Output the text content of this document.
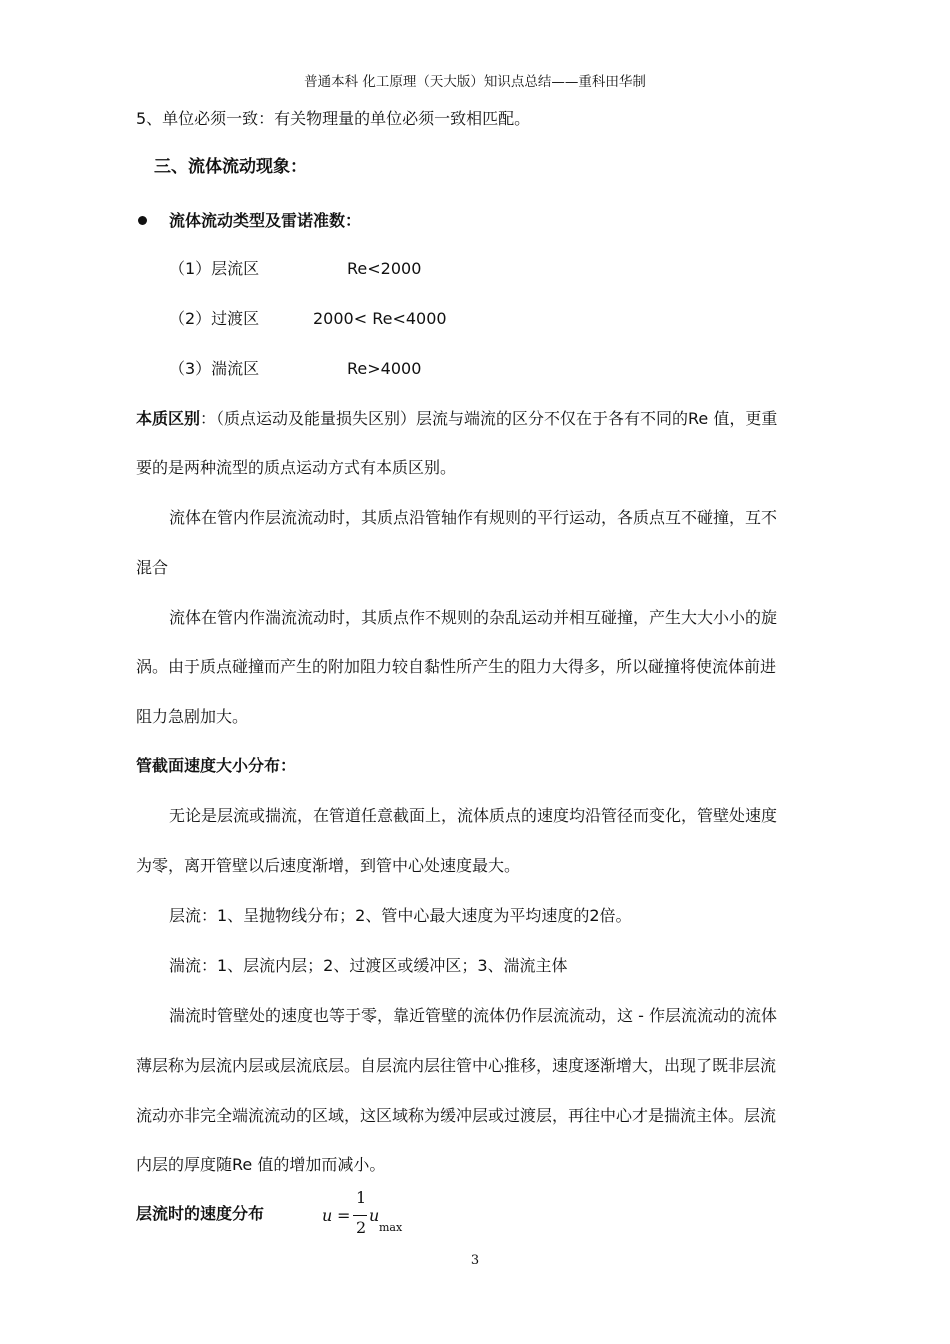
普通本科 化工原理（天大版）知识点总结——重科田华制
5、单位必须一致：有关物理量的单位必须一致相匹配。
三、流体流动现象：
流体流动类型及雷诺准数：
（1）层流区	Re<2000
（2）过渡区	2000< Re<4000
（3）湍流区	Re>4000
本质区别：（质点运动及能量损失区别）层流与端流的区分不仅在于各有不同的Re 值，更重
要的是两种流型的质点运动方式有本质区别。
流体在管内作层流流动时，其质点沿管轴作有规则的平行运动，各质点互不碰撞，互不
混合
流体在管内作湍流流动时，其质点作不规则的杂乱运动并相互碰撞，产生大大小小的旋
涡。由于质点碰撞而产生的附加阻力较自黏性所产生的阻力大得多，所以碰撞将使流体前进
阻力急剧加大。
管截面速度大小分布：
无论是层流或揣流，在管道任意截面上，流体质点的速度均沿管径而变化，管壁处速度
为零，离开管壁以后速度渐增，到管中心处速度最大。
层流：1、呈抛物线分布；2、管中心最大速度为平均速度的2倍。
湍流：1、层流内层；2、过渡区或缓冲区；3、湍流主体
湍流时管壁处的速度也等于零，靠近管壁的流体仍作层流流动，这 - 作层流流动的流体
薄层称为层流内层或层流底层。自层流内层往管中心推移，速度逐渐增大，出现了既非层流
流动亦非完全端流流动的区域，这区域称为缓冲层或过渡层，再往中心才是揣流主体。层流
内层的厚度随Re 值的增加而减小。
层流时的速度分布	u =
1
2
u
max
3
